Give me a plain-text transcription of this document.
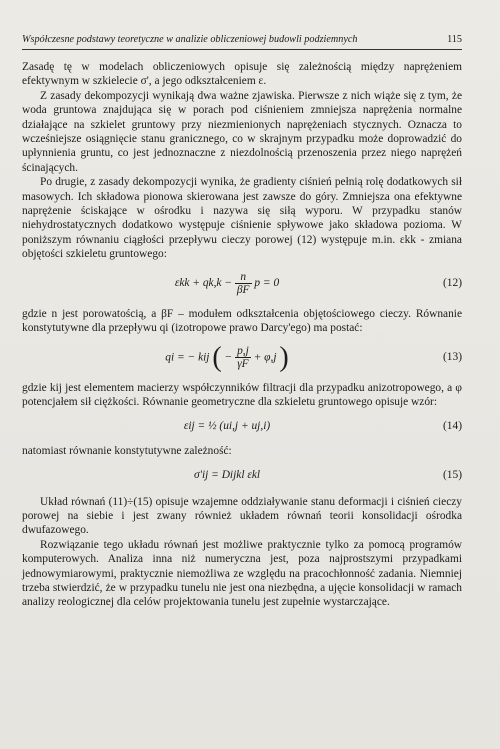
Współczesne podstawy teoretyczne w analizie obliczeniowej budowli podziemnych	115

Zasadę tę w modelach obliczeniowych opisuje się zależnością między naprężeniem efektywnym w szkielecie σ', a jego odkształceniem ε.

Z zasady dekompozycji wynikają dwa ważne zjawiska. Pierwsze z nich wiąże się z tym, że woda gruntowa znajdująca się w porach pod ciśnieniem zmniejsza naprężenia normalne działające na szkielet gruntowy przy niezmienionych naprężeniach stycznych. Oznacza to wcześniejsze osiągnięcie stanu granicznego, co w skrajnym przypadku może doprowadzić do upłynnienia gruntu, co jest jednoznaczne z niezdolnością przenoszenia przez niego naprężeń ścinających.

Po drugie, z zasady dekompozycji wynika, że gradienty ciśnień pełnią rolę dodatkowych sił masowych. Ich składowa pionowa skierowana jest zawsze do góry. Zmniejsza ona efektywne naprężenie ściskające w ośrodku i nazywa się siłą wyporu. W przypadku stanów niehydrostatycznych dodatkowo występuje ciśnienie spływowe jako składowa pozioma. W poniższym równaniu ciągłości przepływu cieczy porowej (12) występuje m.in. εkk - zmiana objętości szkieletu gruntowego:

$\varepsilon kk + qk,k - \frac{n}{\beta F}$ p = 0	(12)

gdzie n jest porowatością, a βF – modułem odkształcenia objętościowego cieczy. Równanie konstytutywne dla przepływu qi (izotropowe prawo Darcy'ego) ma postać:

qi = − kij ( − $\frac{p,j}{\gamma F} + \varphi,j$ )	(13)

gdzie kij jest elementem macierzy współczynników filtracji dla przypadku anizotropowego, a φ potencjałem sił ciężkości. Równanie geometryczne dla szkieletu gruntowego opisuje wzór:

εij = ½ (ui,j + uj,i)	(14)

natomiast równanie konstytutywne zależność:

σ'ij = Dijkl εkl	(15)

Układ równań (11)÷(15) opisuje wzajemne oddziaływanie stanu deformacji i ciśnień cieczy porowej na siebie i jest zwany również układem równań teorii konsolidacji ośrodka dwufazowego.

Rozwiązanie tego układu równań jest możliwe praktycznie tylko za pomocą programów komputerowych. Analiza inna niż numeryczna jest, poza najprostszymi przypadkami jednowymiarowymi, praktycznie niemożliwa ze względu na pracochłonność zadania. Niemniej trzeba stwierdzić, że w przypadku tunelu nie jest ona niezbędna, a ujęcie konsolidacji w ramach analizy reologicznej dla celów projektowania tunelu jest zupełnie wystarczające.
